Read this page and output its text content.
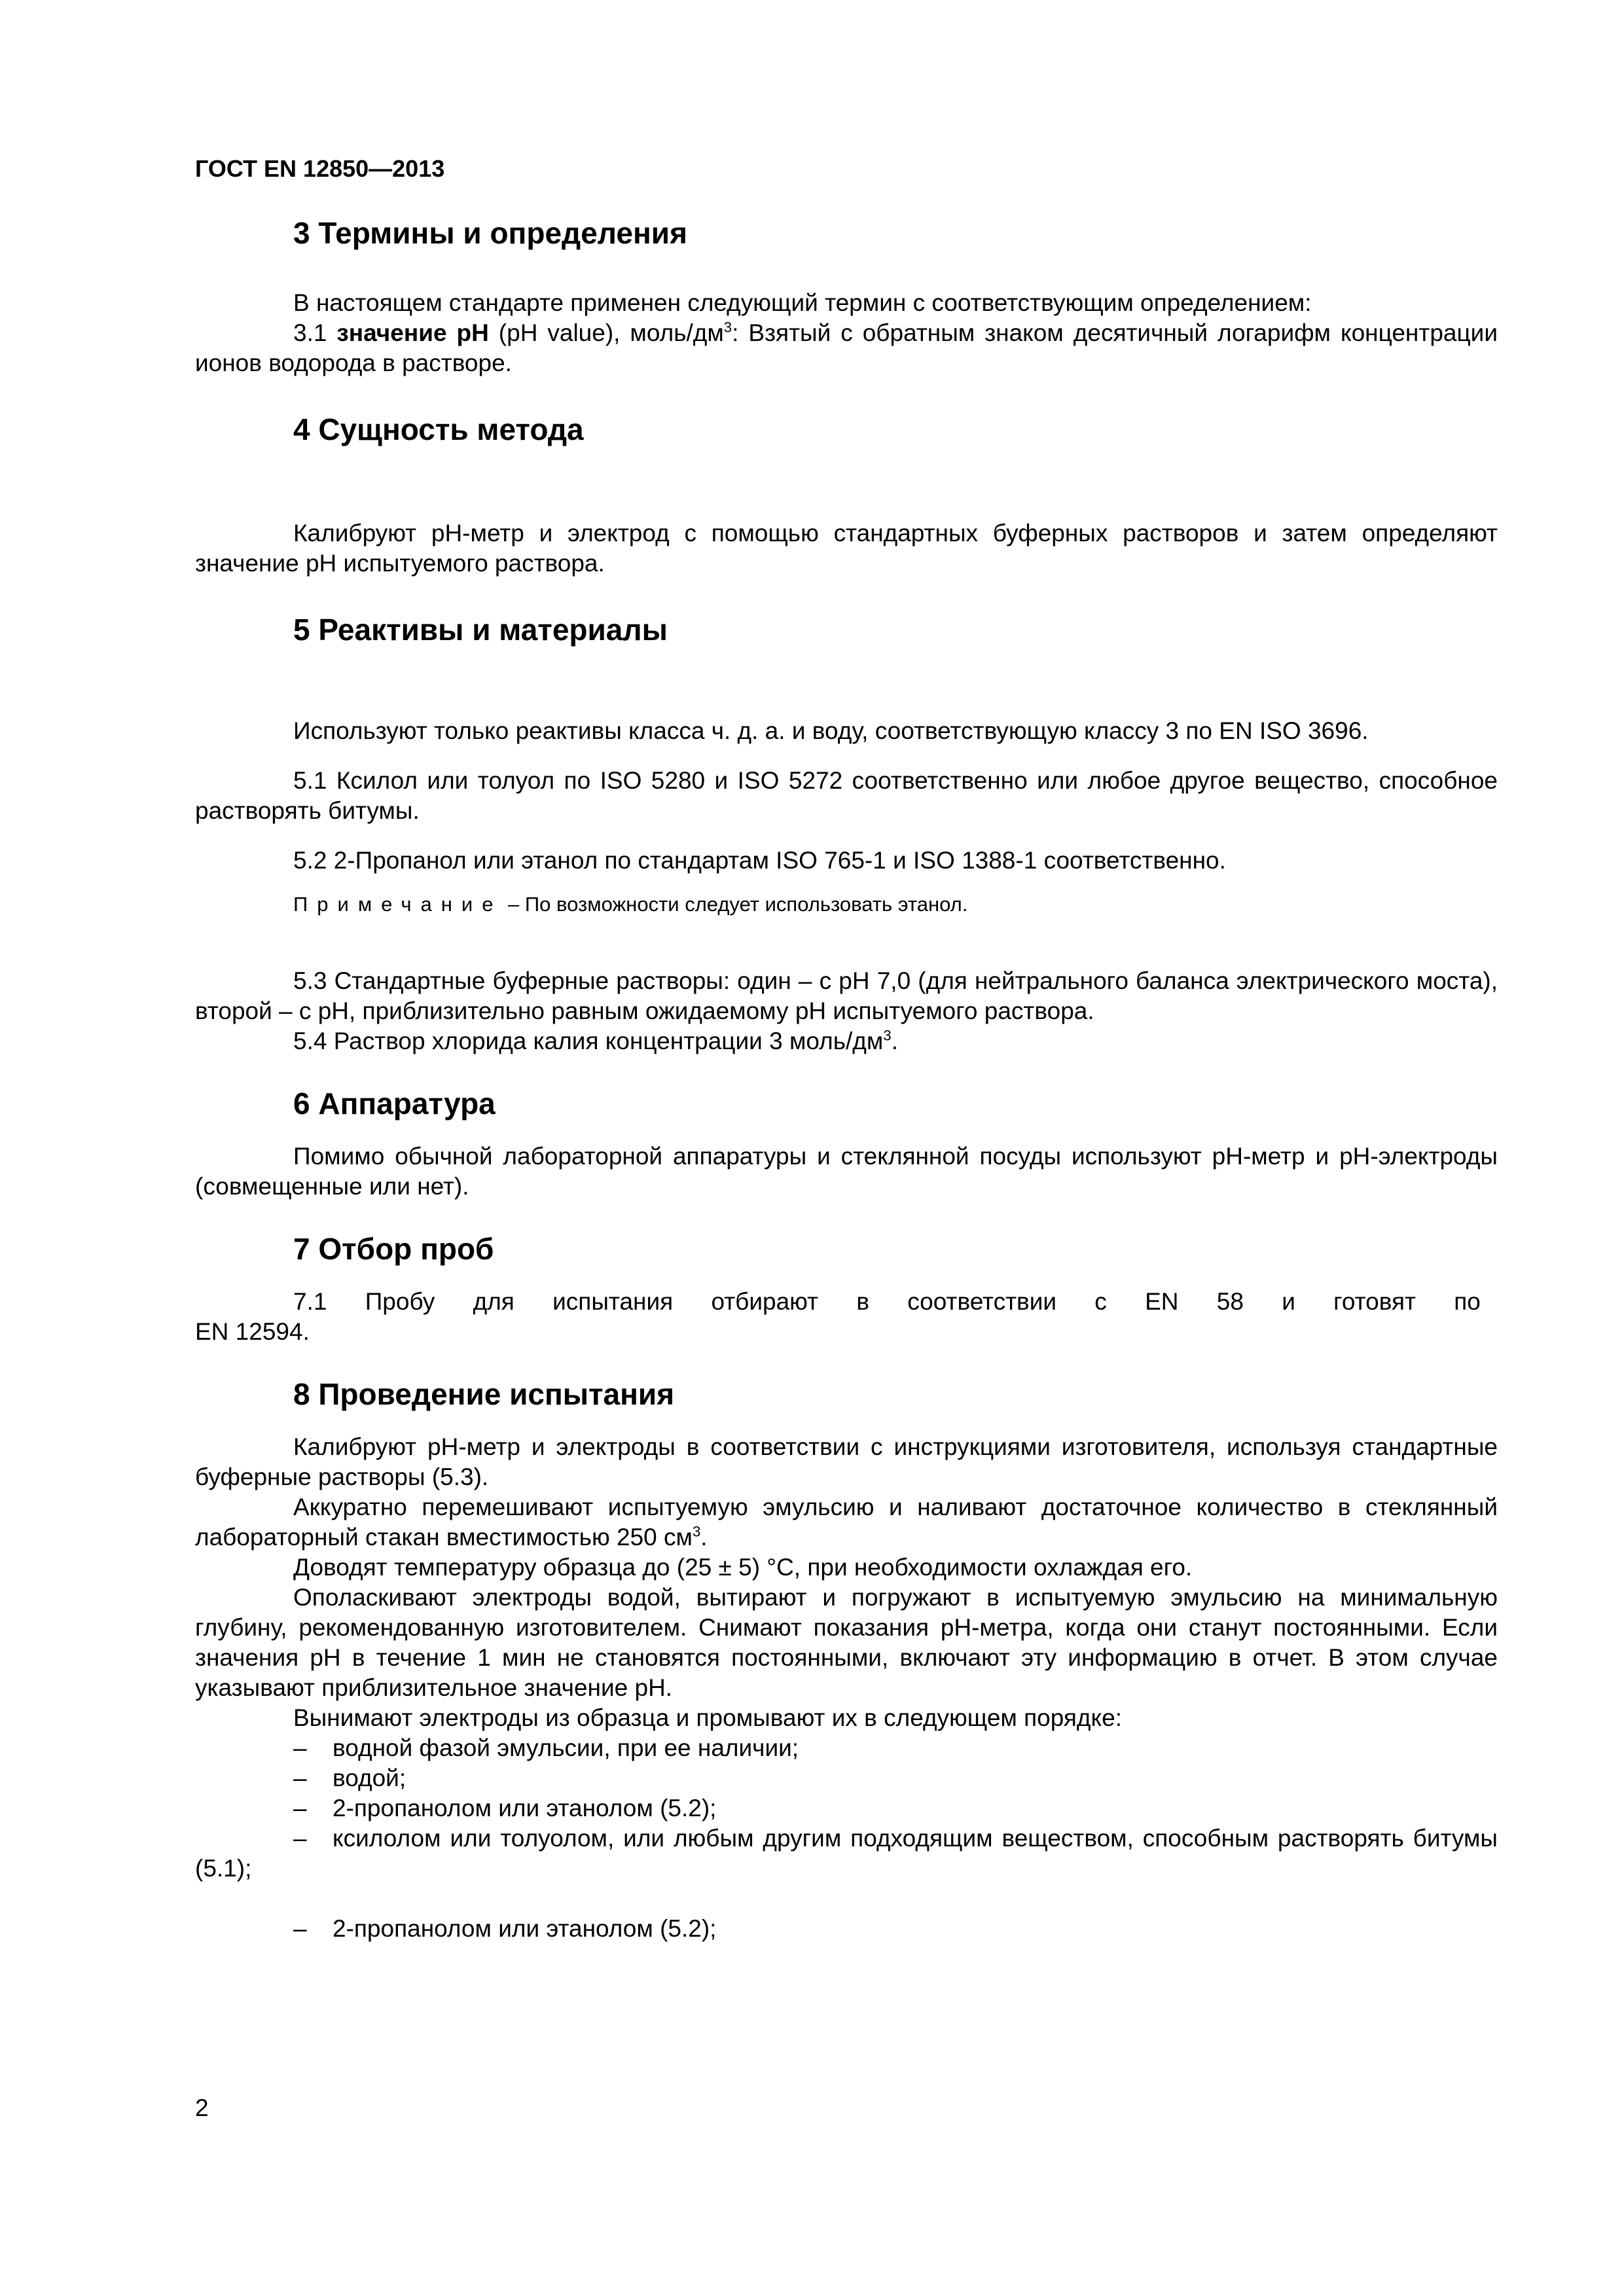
ГОСТ EN 12850—2013
3 Термины и определения

В настоящем стандарте применен следующий термин с соответствующим определением:

3.1 значение pH (pH value), моль/$дм^3$: Взятый с обратным знаком десятичный логарифм концентрации ионов водорода в растворе.

4 Сущность метода

Калибруют pH-метр и электрод с помощью стандартных буферных растворов и затем определяют значение pH испытуемого раствора.

5 Реактивы и материалы

Используют только реактивы класса ч. д. а. и воду, соответствующую классу 3 по EN ISO 3696.

5.1 Ксилол или толуол по ISO 5280 и ISO 5272 соответственно или любое другое вещество, способное растворять битумы.

5.2 2-Пропанол или этанол по стандартам ISO 765-1 и ISO 1388-1 соответственно.

Примечание – По возможности следует использовать этанол.

5.3 Стандартные буферные растворы: один – с pH 7,0 (для нейтрального баланса электрического моста), второй – с pH, приблизительно равным ожидаемому pH испытуемого раствора.

5.4 Раствор хлорида калия концентрации 3 моль/$дм^3$.

6 Аппаратура

Помимо обычной лабораторной аппаратуры и стеклянной посуды используют pH-метр и pH-электроды (совмещенные или нет).

7 Отбор проб

7.1 Пробу для испытания отбирают в соответствии с EN 58 и готовят по

EN 12594.

8 Проведение испытания

Калибруют pH-метр и электроды в соответствии с инструкциями изготовителя, используя стандартные буферные растворы (5.3).

Аккуратно перемешивают испытуемую эмульсию и наливают достаточное количество в стеклянный лабораторный стакан вместимостью 250 $см^3$.

Доводят температуру образца до (25 ± 5) °C, при необходимости охлаждая его.

Ополаскивают электроды водой, вытирают и погружают в испытуемую эмульсию на минимальную глубину, рекомендованную изготовителем. Снимают показания pH-метра, когда они станут постоянными. Если значения pH в течение 1 мин не становятся постоянными, включают эту информацию в отчет. В этом случае указывают приблизительное значение pH.

Вынимают электроды из образца и промывают их в следующем порядке:

– водной фазой эмульсии, при ее наличии;
– водой;
– 2-пропанолом или этанолом (5.2);
– ксилолом или толуолом, или любым другим подходящим веществом, способным растворять битумы (5.1);
– 2-пропанолом или этанолом (5.2);
2
